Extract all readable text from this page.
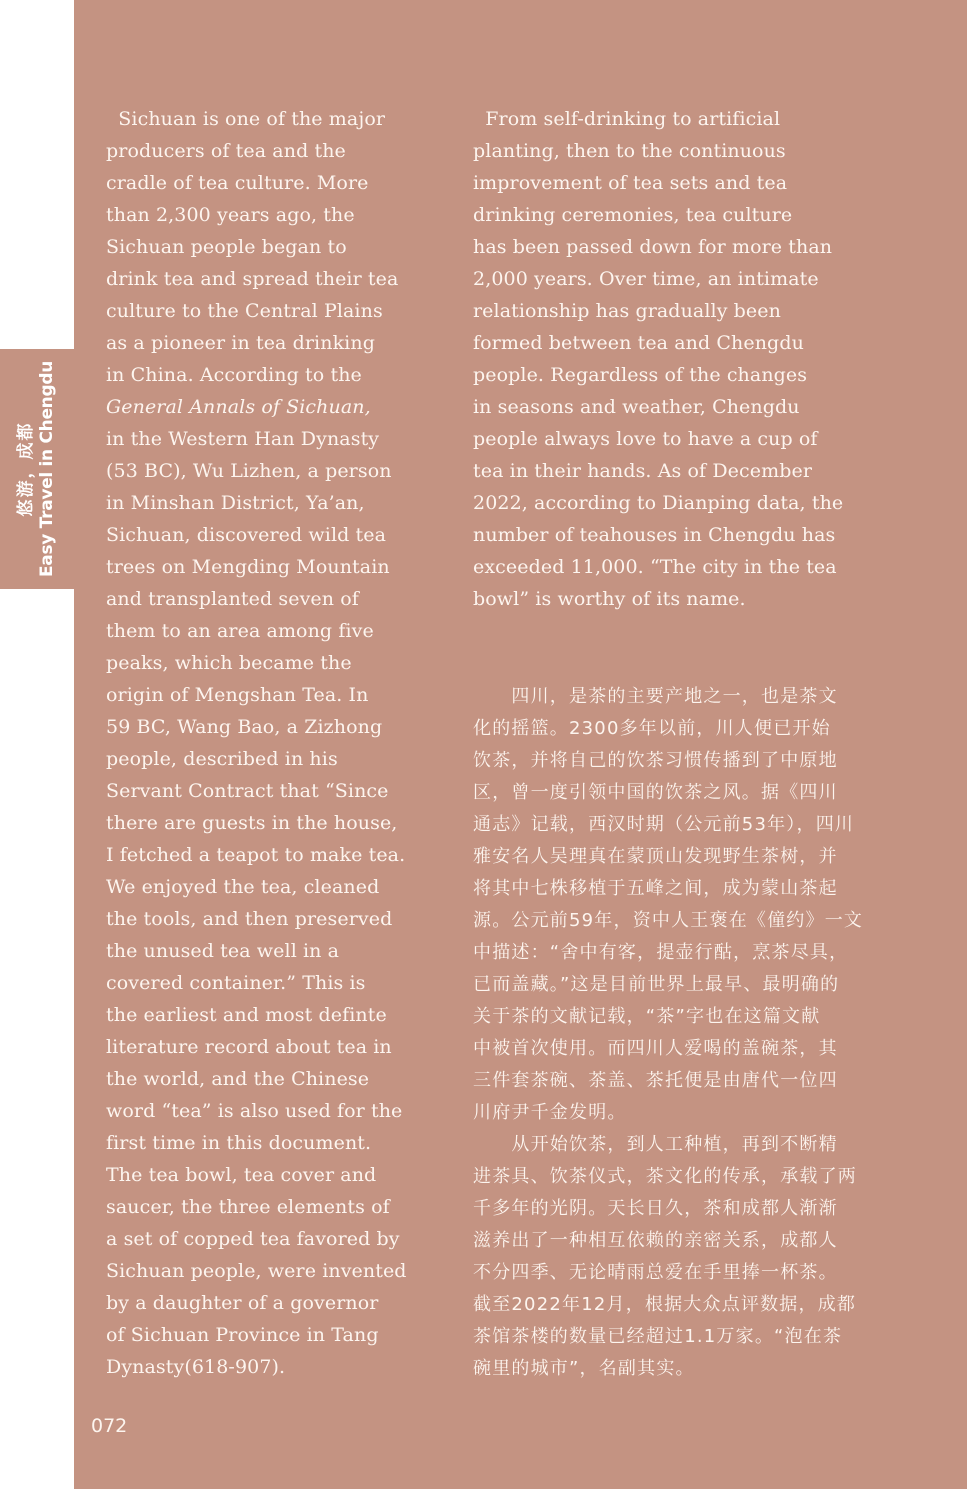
悠游，成都 Easy Travel in Chengdu
Sichuan is one of the major
producers of tea and the
cradle of tea culture. More
than 2,300 years ago, the
Sichuan people began to
drink tea and spread their tea
culture to the Central Plains
as a pioneer in tea drinking
in China. According to the
General Annals of Sichuan,
in the Western Han Dynasty
(53 BC), Wu Lizhen, a person
in Minshan District, Ya’an,
Sichuan, discovered wild tea
trees on Mengding Mountain
and transplanted seven of
them to an area among five
peaks, which became the
origin of Mengshan Tea. In
59 BC, Wang Bao, a Zizhong
people, described in his
Servant Contract that “Since
there are guests in the house,
I fetched a teapot to make tea.
We enjoyed the tea, cleaned
the tools, and then preserved
the unused tea well in a
covered container.” This is
the earliest and most definte
literature record about tea in
the world, and the Chinese
word “tea” is also used for the
first time in this document.
The tea bowl, tea cover and
saucer, the three elements of
a set of copped tea favored by
Sichuan people, were invented
by a daughter of a governor
of Sichuan Province in Tang
Dynasty(618-907).
From self-drinking to artificial
planting, then to the continuous
improvement of tea sets and tea
drinking ceremonies, tea culture
has been passed down for more than
2,000 years. Over time, an intimate
relationship has gradually been
formed between tea and Chengdu
people. Regardless of the changes
in seasons and weather, Chengdu
people always love to have a cup of
tea in their hands. As of December
2022, according to Dianping data, the
number of teahouses in Chengdu has
exceeded 11,000. “The city in the tea
bowl” is worthy of its name.
　　四川，是茶的主要产地之一，也是茶文
化的摇篮。2300多年以前，川人便已开始
饮茶，并将自己的饮茶习惯传播到了中原地
区，曾一度引领中国的饮茶之风。据《四川
通志》记载，西汉时期（公元前53年），四川
雅安名人吴理真在蒙顶山发现野生茶树，并
将其中七株移植于五峰之间，成为蒙山茶起
源。公元前59年，资中人王褒在《僮约》一文
中描述：“舍中有客，提壶行酤，烹茶尽具，
已而盖藏。”这是目前世界上最早、最明确的
关于茶的文献记载，“茶”字也在这篇文献
中被首次使用。而四川人爱喝的盖碗茶，其
三件套茶碗、茶盖、茶托便是由唐代一位四
川府尹千金发明。
　　从开始饮茶，到人工种植，再到不断精
进茶具、饮茶仪式，茶文化的传承，承载了两
千多年的光阴。天长日久，茶和成都人渐渐
滋养出了一种相互依赖的亲密关系，成都人
不分四季、无论晴雨总爱在手里捧一杯茶。
截至2022年12月，根据大众点评数据，成都
茶馆茶楼的数量已经超过1.1万家。“泡在茶
碗里的城市”，名副其实。
072
